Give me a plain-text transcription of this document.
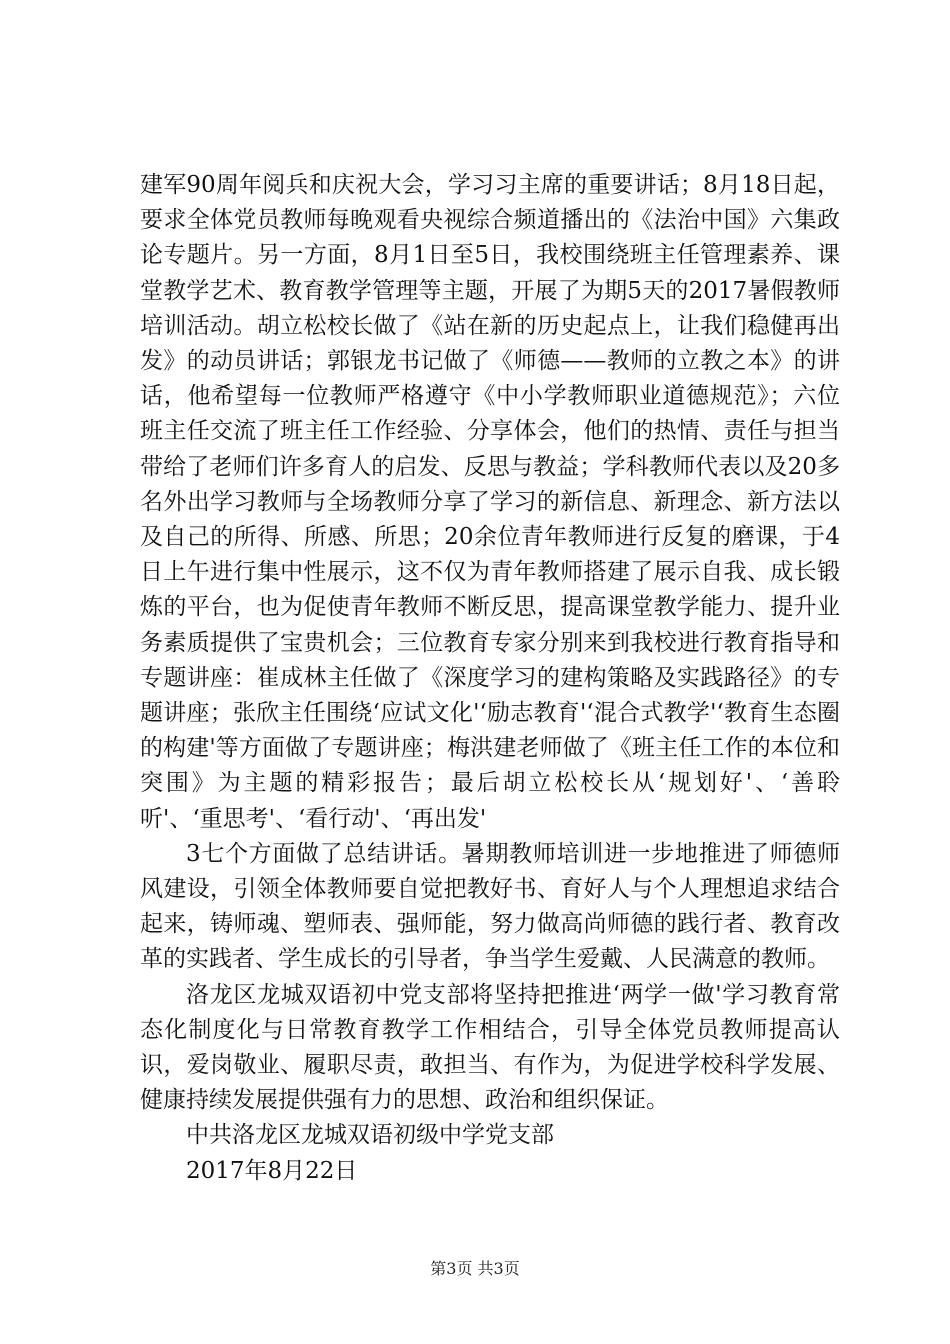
建军90周年阅兵和庆祝大会，学习习主席的重要讲话；8月18日起，要求全体党员教师每晚观看央视综合频道播出的《法治中国》六集政论专题片。另一方面，8月1日至5日，我校围绕班主任管理素养、课堂教学艺术、教育教学管理等主题，开展了为期5天的2017暑假教师培训活动。胡立松校长做了《站在新的历史起点上，让我们稳健再出发》的动员讲话；郭银龙书记做了《师德——教师的立教之本》的讲话，他希望每一位教师严格遵守《中小学教师职业道德规范》；六位班主任交流了班主任工作经验、分享体会，他们的热情、责任与担当带给了老师们许多育人的启发、反思与教益；学科教师代表以及20多名外出学习教师与全场教师分享了学习的新信息、新理念、新方法以及自己的所得、所感、所思；20余位青年教师进行反复的磨课，于4日上午进行集中性展示，这不仅为青年教师搭建了展示自我、成长锻炼的平台，也为促使青年教师不断反思，提高课堂教学能力、提升业务素质提供了宝贵机会；三位教育专家分别来到我校进行教育指导和专题讲座：崔成林主任做了《深度学习的建构策略及实践路径》的专题讲座；张欣主任围绕‘应试文化'‘励志教育'‘混合式教学'‘教育生态圈的构建'等方面做了专题讲座；梅洪建老师做了《班主任工作的本位和突围》为主题的精彩报告；最后胡立松校长从‘规划好'、‘善聆听'、‘重思考'、‘看行动'、‘再出发'

3七个方面做了总结讲话。暑期教师培训进一步地推进了师德师风建设，引领全体教师要自觉把教好书、育好人与个人理想追求结合起来，铸师魂、塑师表、强师能，努力做高尚师德的践行者、教育改革的实践者、学生成长的引导者，争当学生爱戴、人民满意的教师。

洛龙区龙城双语初中党支部将坚持把推进‘两学一做'学习教育常态化制度化与日常教育教学工作相结合，引导全体党员教师提高认识，爱岗敬业、履职尽责，敢担当、有作为，为促进学校科学发展、健康持续发展提供强有力的思想、政治和组织保证。

中共洛龙区龙城双语初级中学党支部

2017年8月22日

第3页 共3页
